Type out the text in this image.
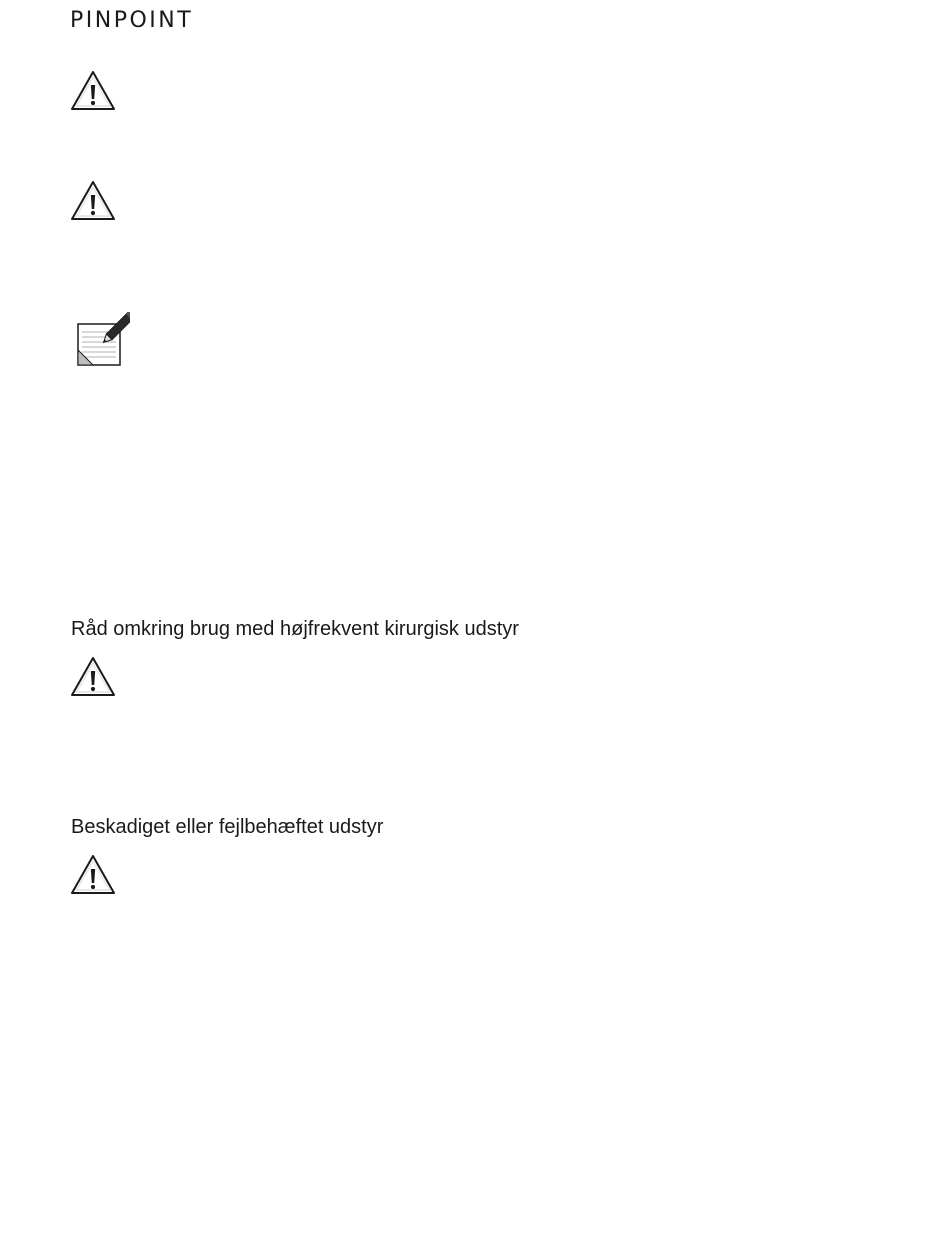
PINPOINT
Råd omkring brug med højfrekvent kirurgisk udstyr
Beskadiget eller fejlbehæftet udstyr
